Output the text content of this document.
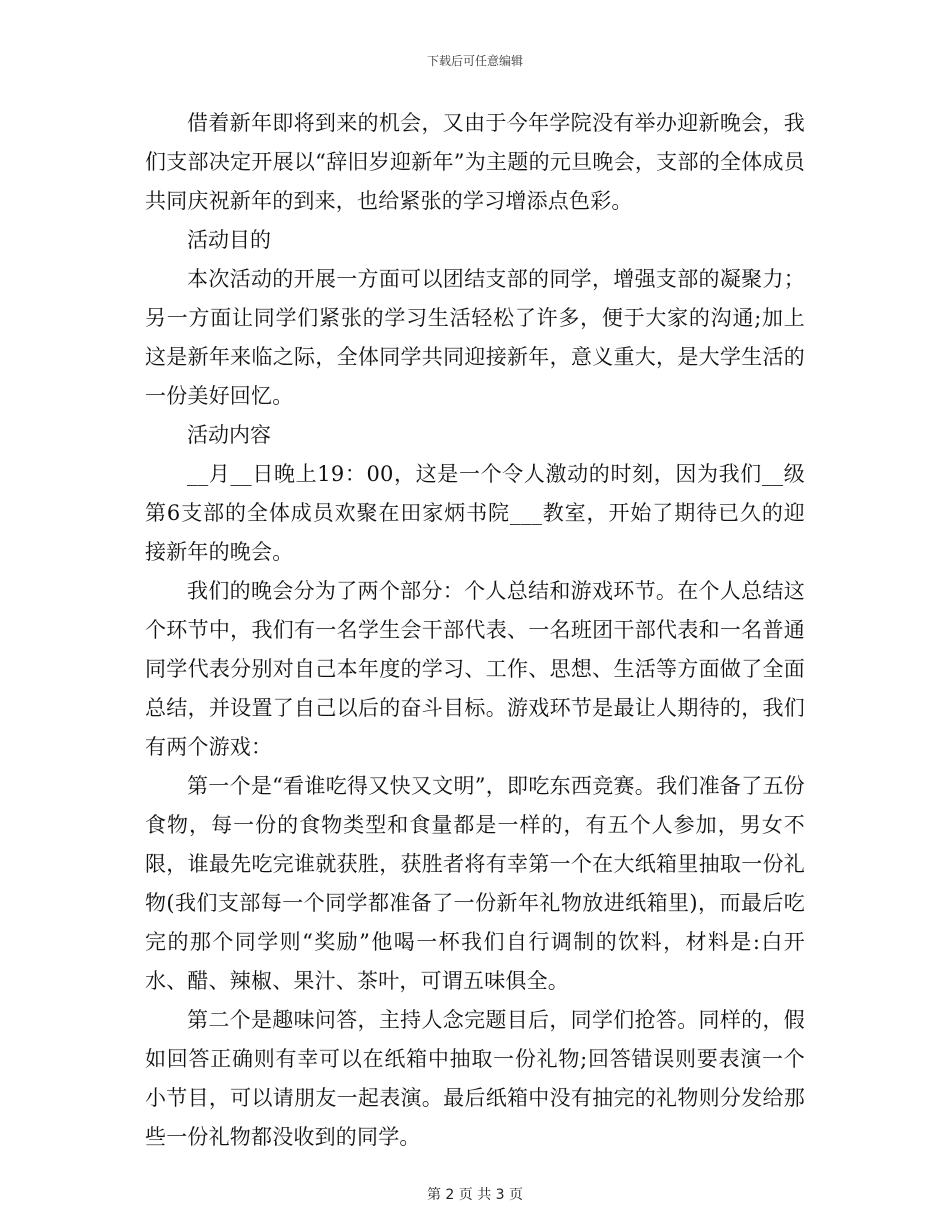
下载后可任意编辑

借着新年即将到来的机会，又由于今年学院没有举办迎新晚会，我们支部决定开展以“辞旧岁迎新年”为主题的元旦晚会，支部的全体成员共同庆祝新年的到来，也给紧张的学习增添点色彩。

活动目的

本次活动的开展一方面可以团结支部的同学，增强支部的凝聚力；另一方面让同学们紧张的学习生活轻松了许多，便于大家的沟通;加上这是新年来临之际，全体同学共同迎接新年，意义重大，是大学生活的一份美好回忆。

活动内容

__月__日晚上19：00，这是一个令人激动的时刻，因为我们__级第6支部的全体成员欢聚在田家炳书院___教室，开始了期待已久的迎接新年的晚会。

我们的晚会分为了两个部分：个人总结和游戏环节。在个人总结这个环节中，我们有一名学生会干部代表、一名班团干部代表和一名普通同学代表分别对自己本年度的学习、工作、思想、生活等方面做了全面总结，并设置了自己以后的奋斗目标。游戏环节是最让人期待的，我们有两个游戏：

第一个是“看谁吃得又快又文明”，即吃东西竞赛。我们准备了五份食物，每一份的食物类型和食量都是一样的，有五个人参加，男女不限，谁最先吃完谁就获胜，获胜者将有幸第一个在大纸箱里抽取一份礼物(我们支部每一个同学都准备了一份新年礼物放进纸箱里)，而最后吃完的那个同学则“奖励”他喝一杯我们自行调制的饮料，材料是:白开水、醋、辣椒、果汁、茶叶，可谓五味俱全。

第二个是趣味问答，主持人念完题目后，同学们抢答。同样的，假如回答正确则有幸可以在纸箱中抽取一份礼物;回答错误则要表演一个小节目，可以请朋友一起表演。最后纸箱中没有抽完的礼物则分发给那些一份礼物都没收到的同学。

第 2 页 共 3 页
